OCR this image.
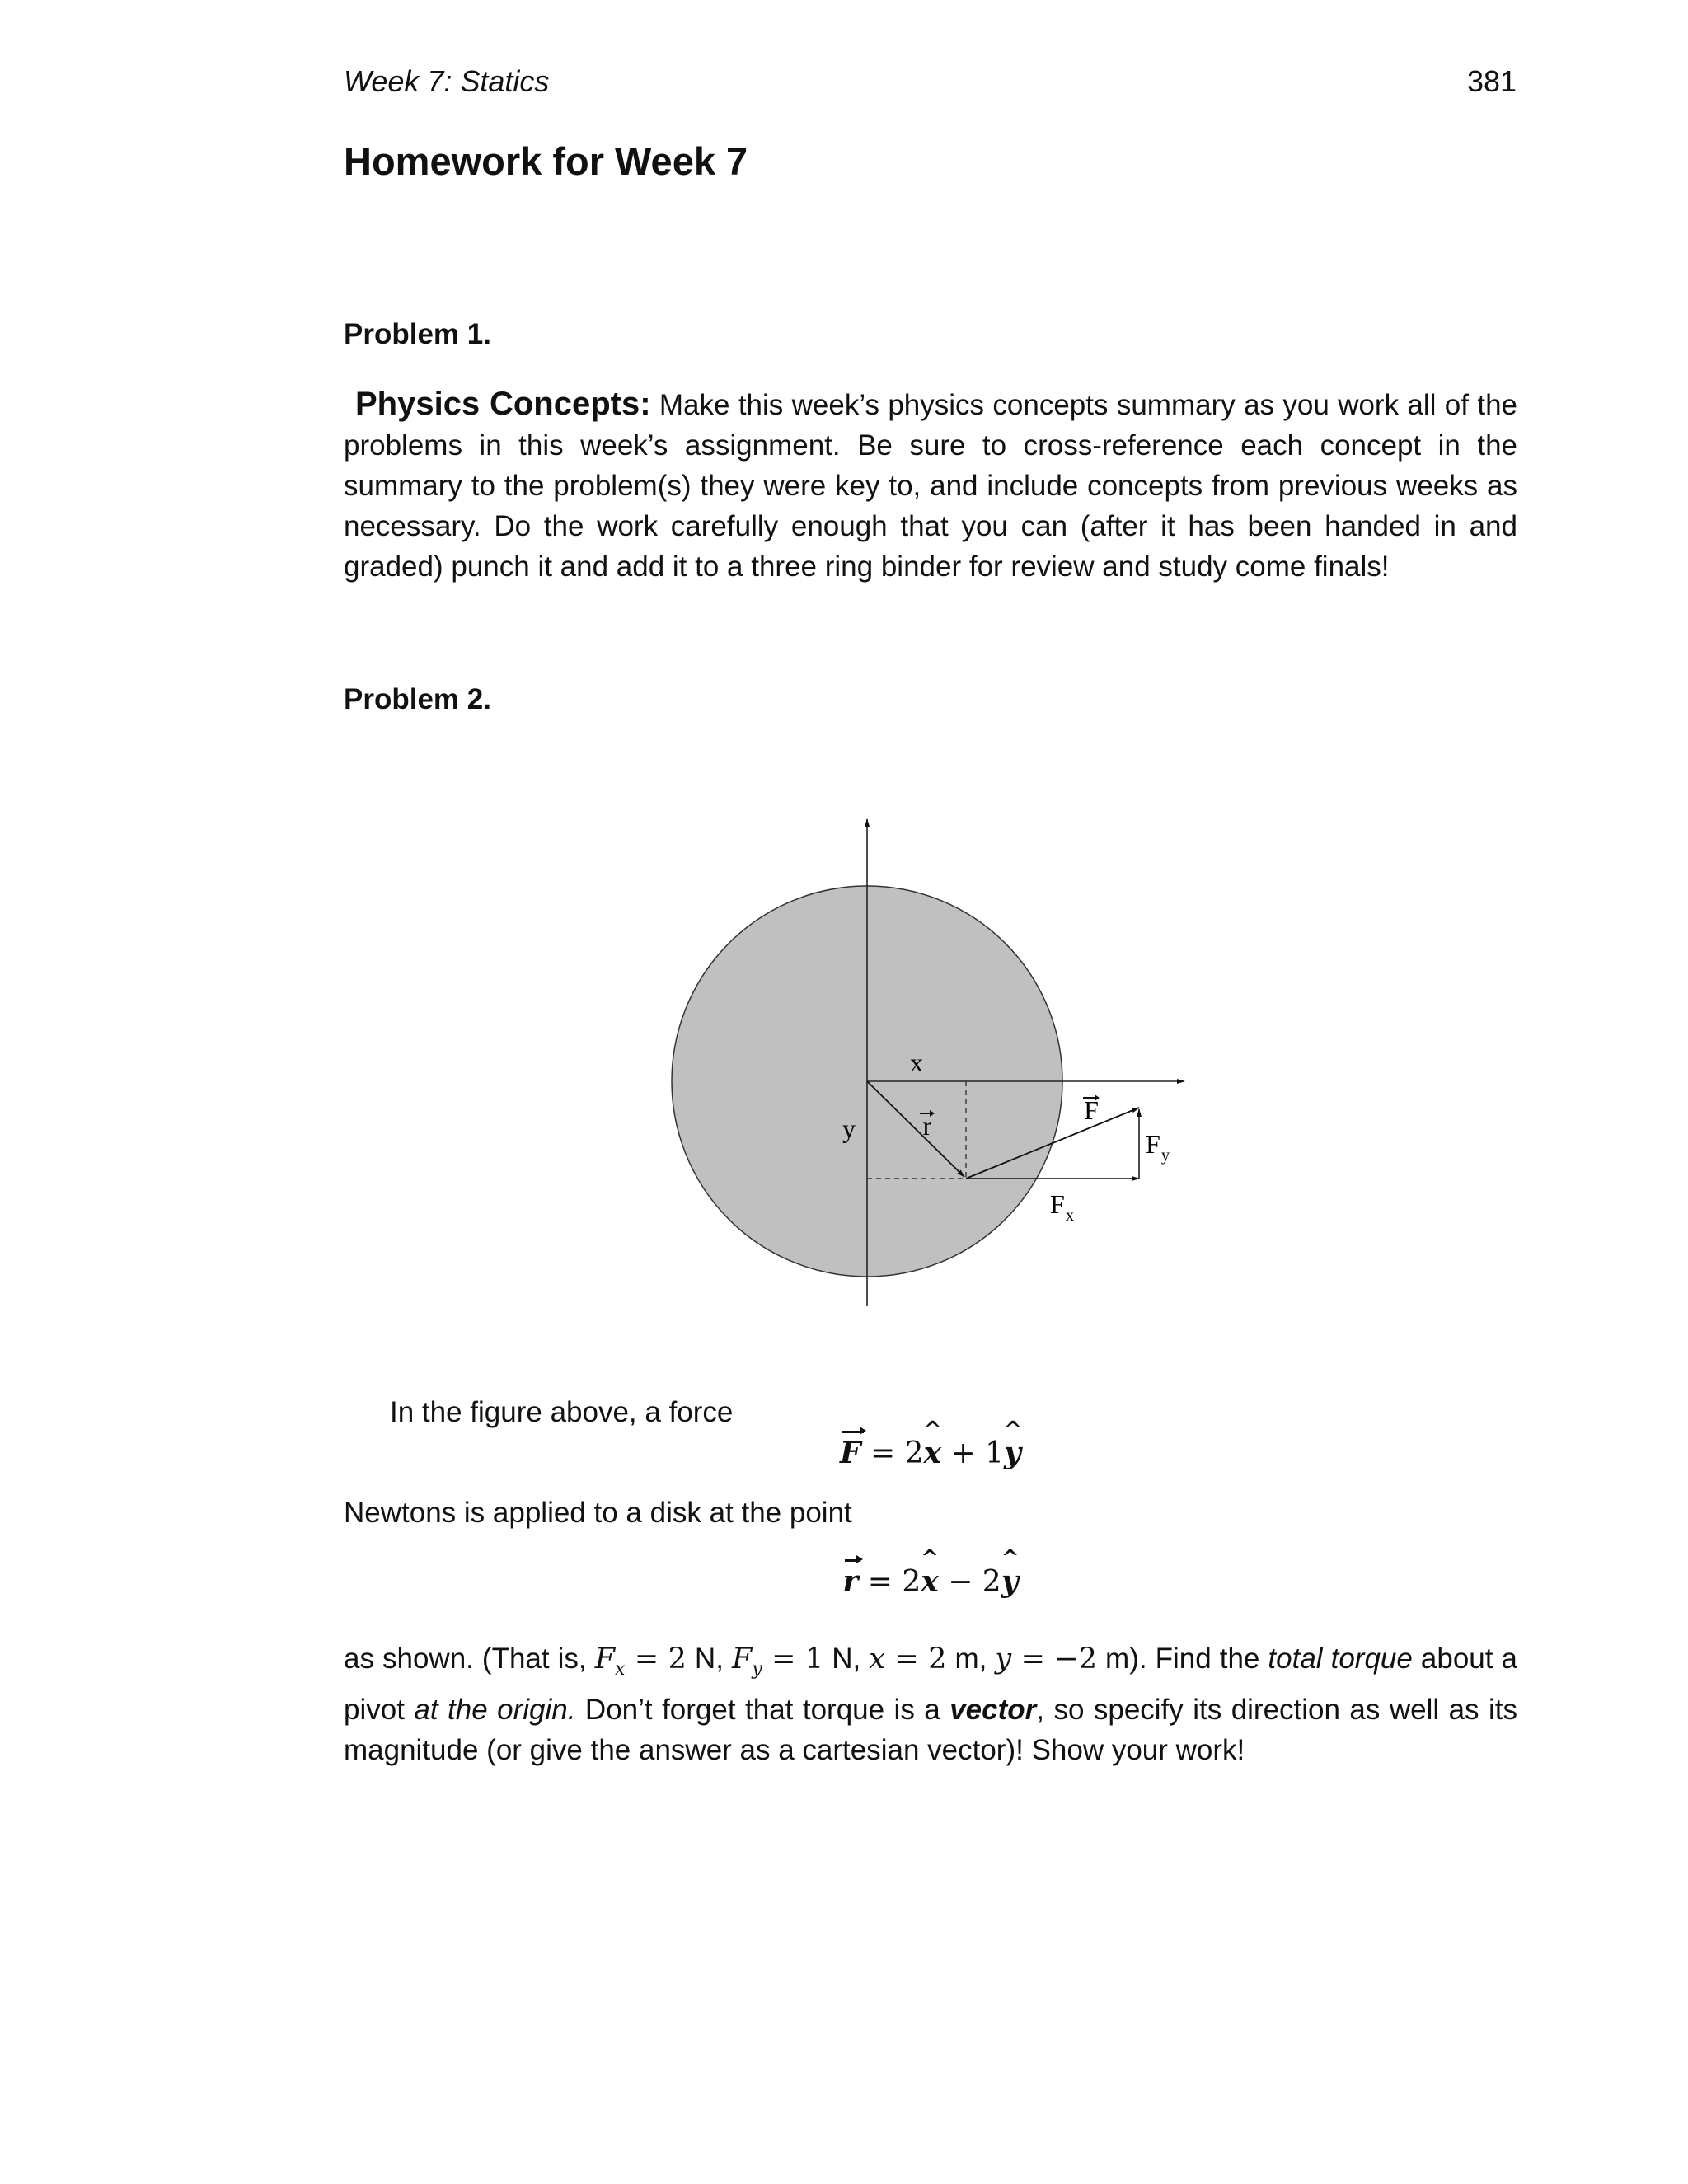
Week 7: Statics	381
Homework for Week 7
Problem 1.

Physics Concepts: Make this week’s physics concepts summary as you work all of the problems in this week’s assignment. Be sure to cross-reference each concept in the summary to the problem(s) they were key to, and include concepts from previous weeks as necessary. Do the work carefully enough that you can (after it has been handed in and graded) punch it and add it to a three ring binder for review and study come finals!

Problem 2.
x
y	r
F
F y
F x
In the figure above, a force
F = 2^ x + 1^ y
Newtons is applied to a disk at the point
r = 2^ x − 2^ y

as shown. (That is, $F_x = 2$ N, $F_y = 1$ N, x = 2 m, y = −2 m). Find the total torque about a pivot at the origin. Don’t forget that torque is a vector, so specify its direction as well as its magnitude (or give the answer as a cartesian vector)! Show your work!
